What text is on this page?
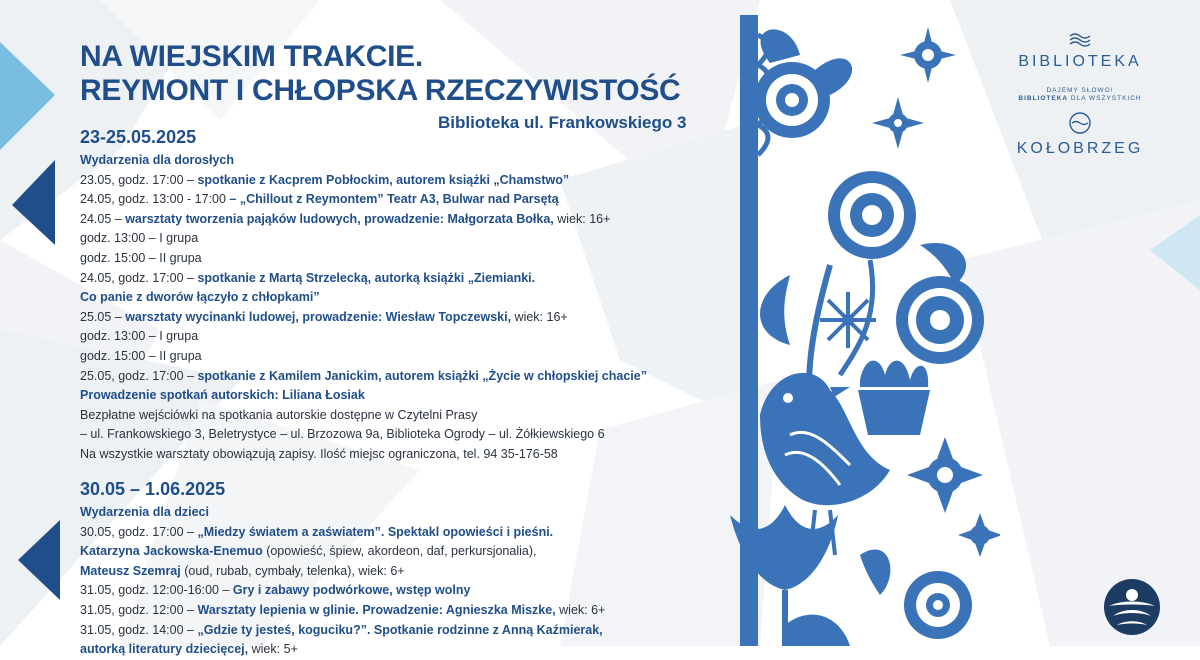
NA WIEJSKIM TRAKCIE.
REYMONT I CHŁOPSKA RZECZYWISTOŚĆ
Biblioteka ul. Frankowskiego 3
23-25.05.2025
Wydarzenia dla dorosłych
23.05, godz. 17:00 – spotkanie z Kacprem Pobłockim, autorem książki „Chamstwo”
24.05, godz. 13:00 - 17:00 – „Chillout z Reymontem” Teatr A3, Bulwar nad Parsętą
24.05 – warsztaty tworzenia pająków ludowych, prowadzenie: Małgorzata Bołka, wiek: 16+
godz. 13:00 – I grupa
godz. 15:00 – II grupa
24.05, godz. 17:00 – spotkanie z Martą Strzelecką, autorką książki „Ziemianki.
Co panie z dworów łączyło z chłopkami”
25.05 – warsztaty wycinanki ludowej, prowadzenie: Wiesław Topczewski, wiek: 16+
godz. 13:00 – I grupa
godz. 15:00 – II grupa
25.05, godz. 17:00 – spotkanie z Kamilem Janickim, autorem książki „Życie w chłopskiej chacie”
Prowadzenie spotkań autorskich: Liliana Łosiak
Bezpłatne wejściówki na spotkania autorskie dostępne w Czytelni Prasy
– ul. Frankowskiego 3, Beletrystyce – ul. Brzozowa 9a, Biblioteka Ogrody – ul. Żółkiewskiego 6
Na wszystkie warsztaty obowiązują zapisy. Ilość miejsc ograniczona, tel. 94 35-176-58
30.05 – 1.06.2025
Wydarzenia dla dzieci
30.05, godz. 17:00 – „Miedzy światem a zaświatem”. Spektakl opowieści i pieśni.
Katarzyna Jackowska-Enemuo (opowieść, śpiew, akordeon, daf, perkursjonalia),
Mateusz Szemraj (oud, rubab, cymbały, telenka), wiek: 6+
31.05, godz. 12:00-16:00 – Gry i zabawy podwórkowe, wstęp wolny
31.05, godz. 12:00 – Warsztaty lepienia w glinie. Prowadzenie: Agnieszka Miszke, wiek: 6+
31.05, godz. 14:00 – „Gdzie ty jesteś, koguciku?”. Spotkanie rodzinne z Anną Kaźmierak,
autorką literatury dziecięcej, wiek: 5+
BIBLIOTEKA
DAJEMY SŁOWO!
BIBLIOTEKA DLA WSZYSTKICH
KOŁOBRZEG
